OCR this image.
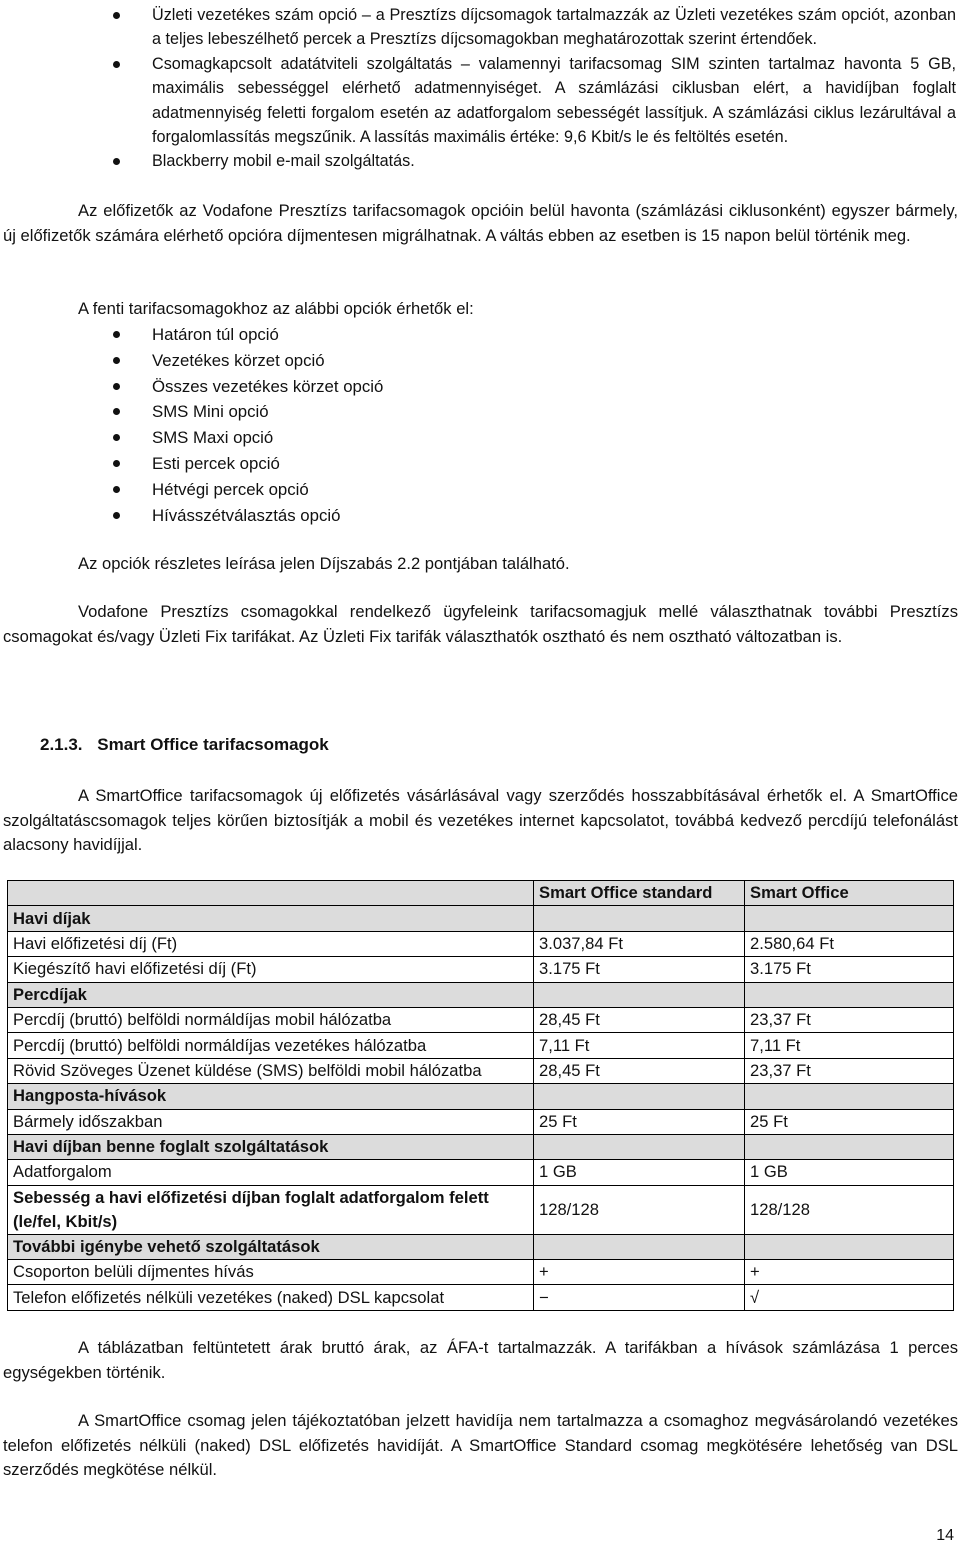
Üzleti vezetékes szám opció – a Presztízs díjcsomagok tartalmazzák az Üzleti vezetékes szám opciót, azonban a teljes lebeszélhető percek a Presztízs díjcsomagokban meghatározottak szerint értendőek.
Csomagkapcsolt adatátviteli szolgáltatás – valamennyi tarifacsomag SIM szinten tartalmaz havonta 5 GB, maximális sebességgel elérhető adatmennyiséget. A számlázási ciklusban elért, a havidíjban foglalt adatmennyiség feletti forgalom esetén az adatforgalom sebességét lassítjuk. A számlázási ciklus lezárultával a forgalomlassítás megszűnik. A lassítás maximális értéke: 9,6 Kbit/s le és feltöltés esetén.
Blackberry mobil e-mail szolgáltatás.

Az előfizetők az Vodafone Presztízs tarifacsomagok opcióin belül havonta (számlázási ciklusonként) egyszer bármely, új előfizetők számára elérhető opcióra díjmentesen migrálhatnak. A váltás ebben az esetben is 15 napon belül történik meg.

A fenti tarifacsomagokhoz az alábbi opciók érhetők el:

Határon túl opció
Vezetékes körzet opció
Összes vezetékes körzet opció
SMS Mini opció
SMS Maxi opció
Esti percek opció
Hétvégi percek opció
Hívásszétválasztás opció

Az opciók részletes leírása jelen Díjszabás 2.2 pontjában található.

Vodafone Presztízs csomagokkal rendelkező ügyfeleink tarifacsomagjuk mellé választhatnak további Presztízs csomagokat és/vagy Üzleti Fix tarifákat. Az Üzleti Fix tarifák választhatók osztható és nem osztható változatban is.

2.1.3. Smart Office tarifacsomagok

A SmartOffice tarifacsomagok új előfizetés vásárlásával vagy szerződés hosszabbításával érhetők el. A SmartOffice szolgáltatáscsomagok teljes körűen biztosítják a mobil és vezetékes internet kapcsolatot, továbbá kedvező percdíjú telefonálást alacsony havidíjjal.

	Smart Office standard	Smart Office
Havi díjak		
Havi előfizetési díj (Ft)	3.037,84 Ft	2.580,64 Ft
Kiegészítő havi előfizetési díj (Ft)	3.175 Ft	3.175 Ft
Percdíjak		
Percdíj (bruttó) belföldi normáldíjas mobil hálózatba	28,45 Ft	23,37 Ft
Percdíj (bruttó) belföldi normáldíjas vezetékes hálózatba	7,11 Ft	7,11 Ft
Rövid Szöveges Üzenet küldése (SMS) belföldi mobil hálózatba	28,45 Ft	23,37 Ft
Hangposta-hívások		
Bármely időszakban	25 Ft	25 Ft
Havi díjban benne foglalt szolgáltatások		
Adatforgalom	1 GB	1 GB
Sebesség a havi előfizetési díjban foglalt adatforgalom felett (le/fel, Kbit/s)	128/128	128/128
További igénybe vehető szolgáltatások		
Csoporton belüli díjmentes hívás	+	+
Telefon előfizetés nélküli vezetékes (naked) DSL kapcsolat	−	√

A táblázatban feltüntetett árak bruttó árak, az ÁFA-t tartalmazzák. A tarifákban a hívások számlázása 1 perces egységekben történik.

A SmartOffice csomag jelen tájékoztatóban jelzett havidíja nem tartalmazza a csomaghoz megvásárolandó vezetékes telefon előfizetés nélküli (naked) DSL előfizetés havidíját. A SmartOffice Standard csomag megkötésére lehetőség van DSL szerződés megkötése nélkül.

14
